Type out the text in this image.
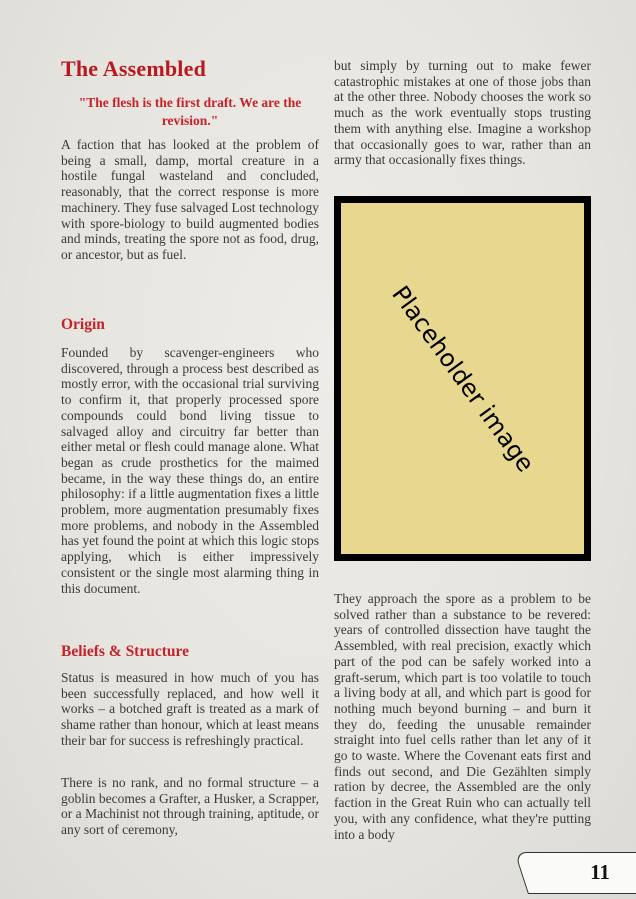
The Assembled
"The flesh is the first draft. We are the revision."

A faction that has looked at the problem of being a small, damp, mortal creature in a hostile fungal wasteland and concluded, reasonably, that the correct response is more machinery. They fuse salvaged Lost technology with spore-biology to build augmented bodies and minds, treating the spore not as food, drug, or ancestor, but as fuel.

Origin

Founded by scavenger-engineers who discovered, through a process best described as mostly error, with the occasional trial surviving to confirm it, that properly processed spore compounds could bond living tissue to salvaged alloy and circuitry far better than either metal or flesh could manage alone. What began as crude prosthetics for the maimed became, in the way these things do, an entire philosophy: if a little augmentation fixes a little problem, more augmentation presumably fixes more problems, and nobody in the Assembled has yet found the point at which this logic stops applying, which is either impressively consistent or the single most alarming thing in this document.

Beliefs & Structure

Status is measured in how much of you has been successfully replaced, and how well it works – a botched graft is treated as a mark of shame rather than honour, which at least means their bar for success is refreshingly practical.

There is no rank, and no formal structure – a goblin becomes a Grafter, a Husker, a Scrapper, or a Machinist not through training, aptitude, or any sort of ceremony,

but simply by turning out to make fewer catastrophic mistakes at one of those jobs than at the other three. Nobody chooses the work so much as the work eventually stops trusting them with anything else. Imagine a workshop that occasionally goes to war, rather than an army that occasionally fixes things.

Placeholder image

They approach the spore as a problem to be solved rather than a substance to be revered: years of controlled dissection have taught the Assembled, with real precision, exactly which part of the pod can be safely worked into a graft-serum, which part is too volatile to touch a living body at all, and which part is good for nothing much beyond burning – and burn it they do, feeding the unusable remainder straight into fuel cells rather than let any of it go to waste. Where the Covenant eats first and finds out second, and Die Gezählten simply ration by decree, the Assembled are the only faction in the Great Ruin who can actually tell you, with any confidence, what they're putting into a body

11
